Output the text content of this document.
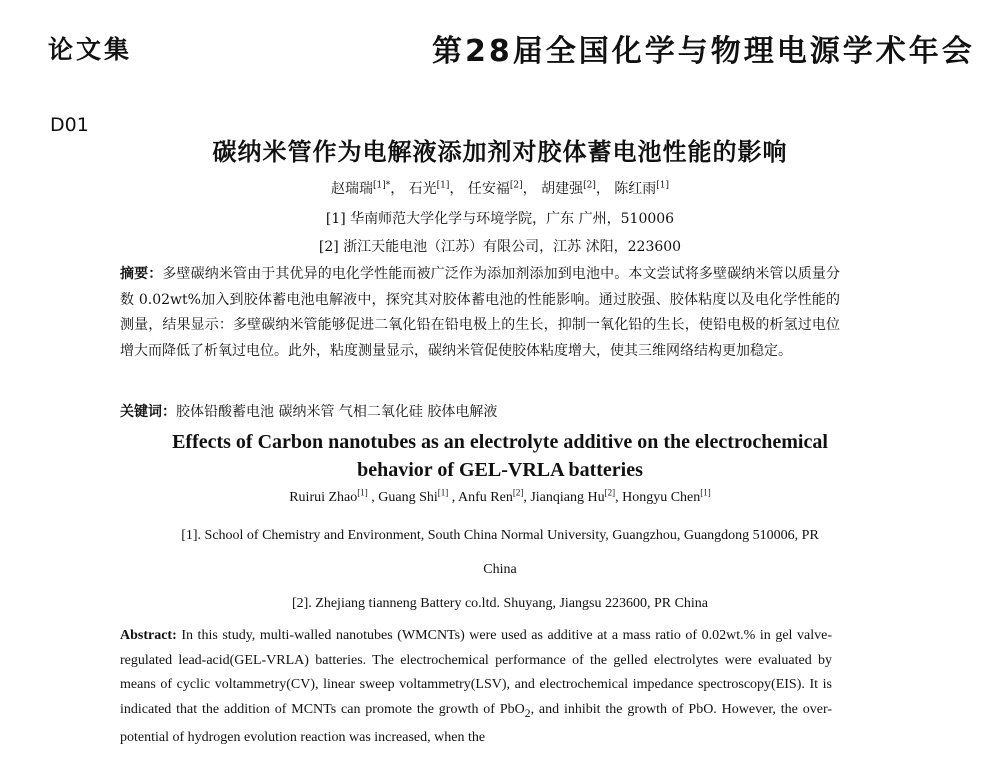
论文集	第28届全国化学与物理电源学术年会
D01
碳纳米管作为电解液添加剂对胶体蓄电池性能的影响
赵瑞瑞$^{[1]*}$， 石光[1]， 任安福[2]， 胡建强[2]， 陈红雨[1]
[1] 华南师范大学化学与环境学院，广东 广州，510006
[2] 浙江天能电池（江苏）有限公司，江苏 沭阳，223600
摘要：多壁碳纳米管由于其优异的电化学性能而被广泛作为添加剂添加到电池中。本文尝试将多壁碳纳米管以质量分数 0.02wt%加入到胶体蓄电池电解液中，探究其对胶体蓄电池的性能影响。通过胶强、胶体粘度以及电化学性能的测量，结果显示：多壁碳纳米管能够促进二氧化铅在铅电极上的生长，抑制一氧化铅的生长，使铅电极的析氢过电位增大而降低了析氧过电位。此外，粘度测量显示，碳纳米管促使胶体粘度增大，使其三维网络结构更加稳定。
关键词：胶体铅酸蓄电池 碳纳米管 气相二氧化硅 胶体电解液
Effects of Carbon nanotubes as an electrolyte additive on the electrochemical
behavior of GEL-VRLA batteries
Ruirui Zhao[1] , Guang Shi[1] , Anfu Ren[2], Jianqiang Hu[2], Hongyu Chen[1]
[1]. School of Chemistry and Environment, South China Normal University, Guangzhou, Guangdong 510006, PR
China
[2]. Zhejiang tianneng Battery co.ltd. Shuyang, Jiangsu 223600, PR China
Abstract: In this study, multi-walled nanotubes (WMCNTs) were used as additive at a mass ratio of 0.02wt.% in gel valve-regulated lead-acid(GEL-VRLA) batteries. The electrochemical performance of the gelled electrolytes were evaluated by means of cyclic voltammetry(CV), linear sweep voltammetry(LSV), and electrochemical impedance spectroscopy(EIS). It is indicated that the addition of MCNTs can promote the growth of PbO$_2$, and inhibit the growth of PbO. However, the over-potential of hydrogen evolution reaction was increased, when the
